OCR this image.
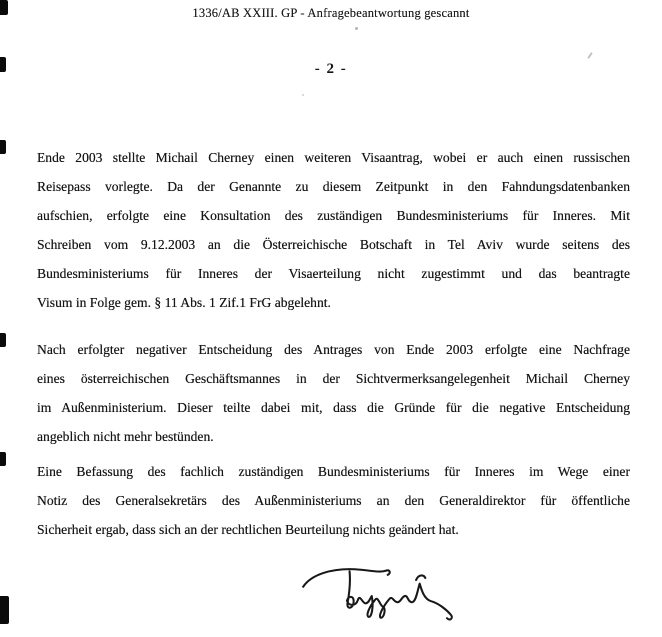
1336/AB XXIII. GP - Anfragebeantwortung gescannt
- 2 -
Ende 2003 stellte Michail Cherney einen weiteren Visaantrag, wobei er auch einen russischen
Reisepass vorlegte. Da der Genannte zu diesem Zeitpunkt in den Fahndungsdatenbanken
aufschien, erfolgte eine Konsultation des zuständigen Bundesministeriums für Inneres. Mit
Schreiben vom 9.12.2003 an die Österreichische Botschaft in Tel Aviv wurde seitens des
Bundesministeriums für Inneres der Visaerteilung nicht zugestimmt und das beantragte
Visum in Folge gem. § 11 Abs. 1 Zif.1 FrG abgelehnt.
Nach erfolgter negativer Entscheidung des Antrages von Ende 2003 erfolgte eine Nachfrage
eines österreichischen Geschäftsmannes in der Sichtvermerksangelegenheit Michail Cherney
im Außenministerium. Dieser teilte dabei mit, dass die Gründe für die negative Entscheidung
angeblich nicht mehr bestünden.
Eine Befassung des fachlich zuständigen Bundesministeriums für Inneres im Wege einer
Notiz des Generalsekretärs des Außenministeriums an den Generaldirektor für öffentliche
Sicherheit ergab, dass sich an der rechtlichen Beurteilung nichts geändert hat.
